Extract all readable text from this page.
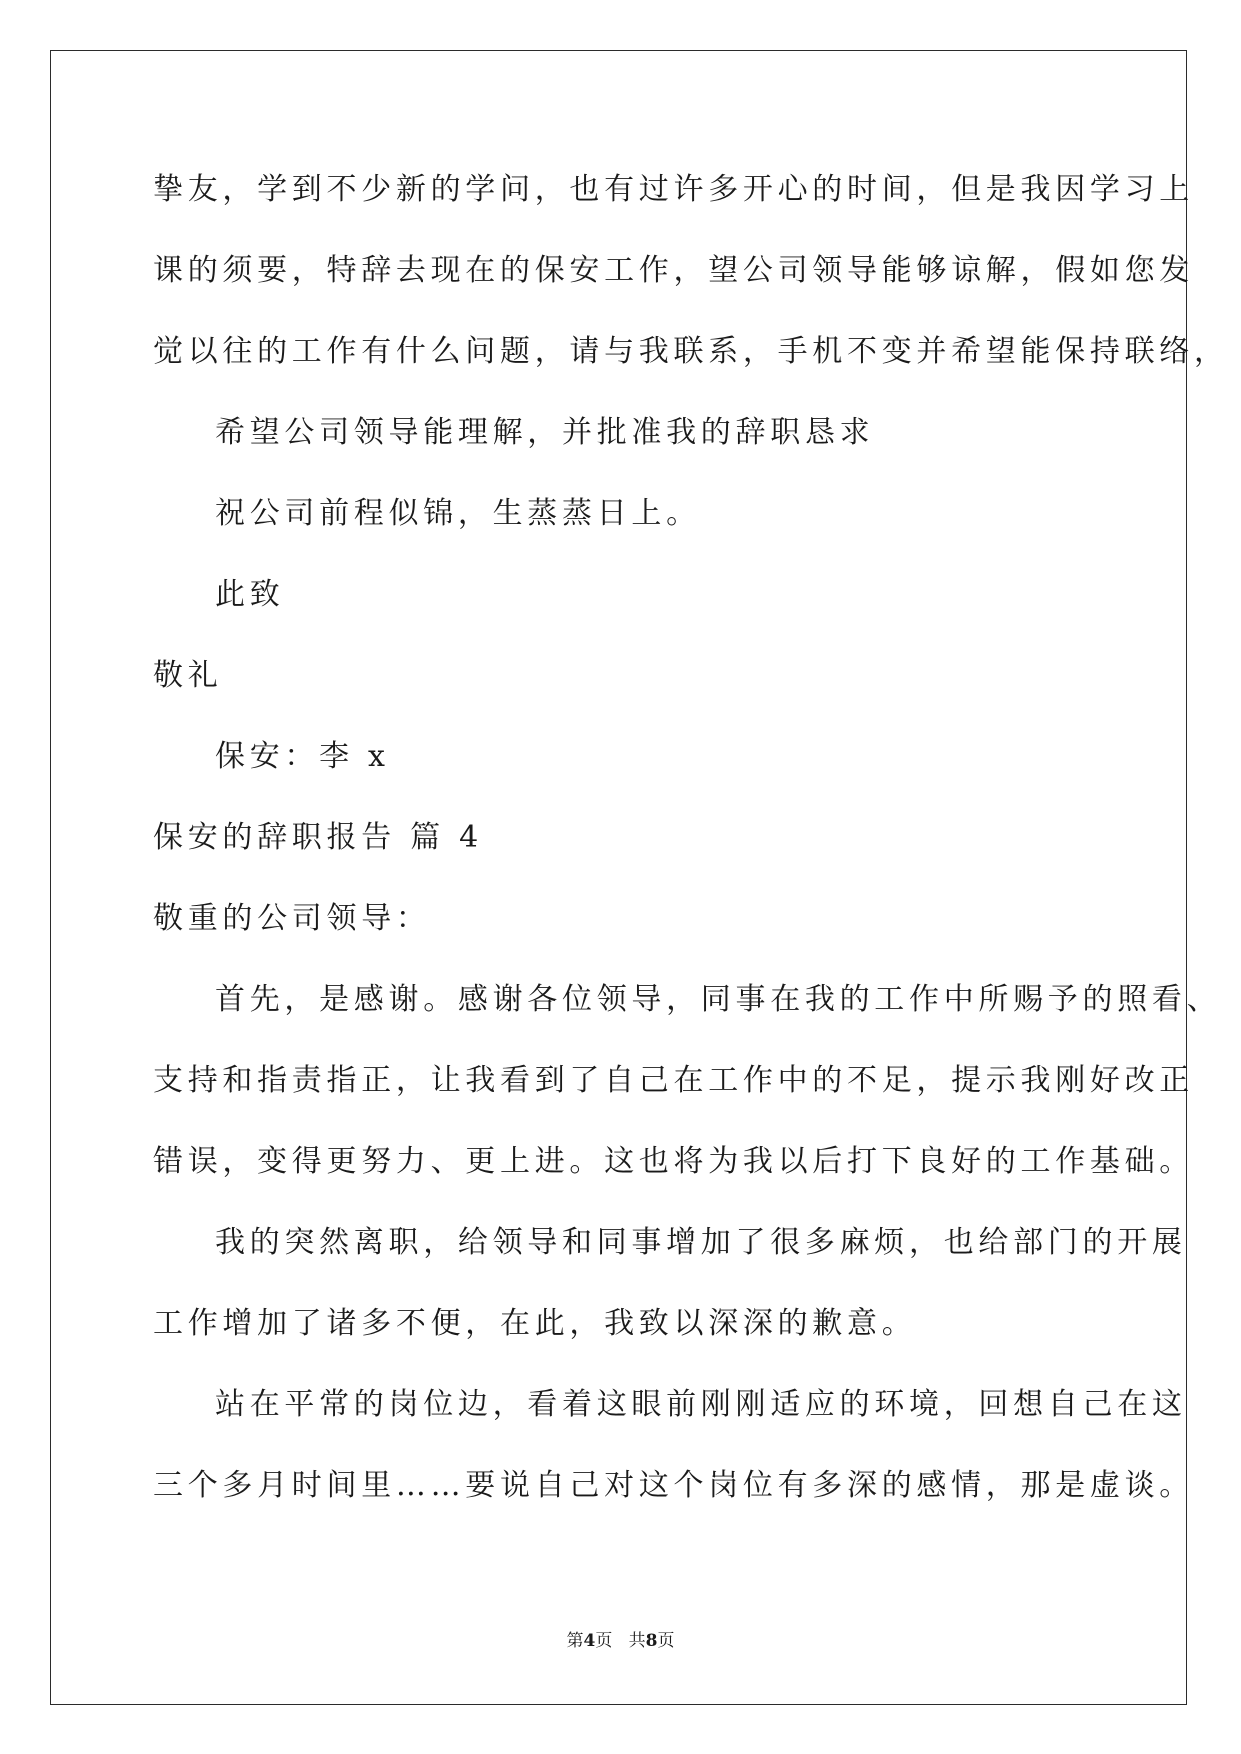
挚友，学到不少新的学问，也有过许多开心的时间，但是我因学习上
课的须要，特辞去现在的保安工作，望公司领导能够谅解，假如您发
觉以往的工作有什么问题，请与我联系，手机不变并希望能保持联络，
希望公司领导能理解，并批准我的辞职恳求
祝公司前程似锦，生蒸蒸日上。
此致
敬礼
保安：李 x
保安的辞职报告 篇 4
敬重的公司领导：
首先，是感谢。感谢各位领导，同事在我的工作中所赐予的照看、
支持和指责指正，让我看到了自己在工作中的不足，提示我刚好改正
错误，变得更努力、更上进。这也将为我以后打下良好的工作基础。
我的突然离职，给领导和同事增加了很多麻烦，也给部门的开展
工作增加了诸多不便，在此，我致以深深的歉意。
站在平常的岗位边，看着这眼前刚刚适应的环境，回想自己在这
三个多月时间里……要说自己对这个岗位有多深的感情，那是虚谈。
第4页   共8页
